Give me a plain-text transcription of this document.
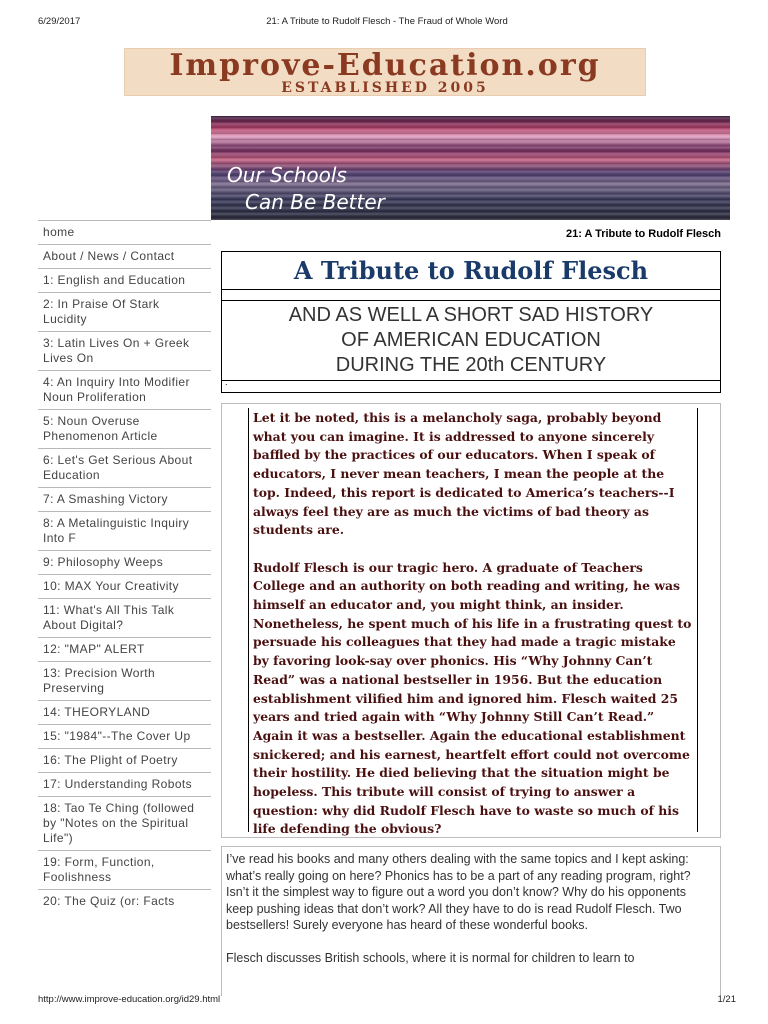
6/29/2017	21: A Tribute to Rudolf Flesch - The Fraud of Whole Word
Improve-Education.org
ESTABLISHED 2005
Our Schools
Can Be Better
home
About / News / Contact
1: English and Education
2: In Praise Of Stark Lucidity
3: Latin Lives On + Greek Lives On
4: An Inquiry Into Modifier Noun Proliferation
5: Noun Overuse Phenomenon Article
6: Let's Get Serious About Education
7: A Smashing Victory
8: A Metalinguistic Inquiry Into F
9: Philosophy Weeps
10: MAX Your Creativity
11: What's All This Talk About Digital?
12: "MAP" ALERT
13: Precision Worth Preserving
14: THEORYLAND
15: "1984"--The Cover Up
16: The Plight of Poetry
17: Understanding Robots
18: Tao Te Ching (followed by "Notes on the Spiritual Life")
19: Form, Function, Foolishness
20: The Quiz (or: Facts
21: A Tribute to Rudolf Flesch
A Tribute to Rudolf Flesch
AND AS WELL A SHORT SAD HISTORY
OF AMERICAN EDUCATION
DURING THE 20th CENTURY
.

Let it be noted, this is a melancholy saga, probably beyond what you can imagine. It is addressed to anyone sincerely baffled by the practices of our educators. When I speak of educators, I never mean teachers, I mean the people at the top. Indeed, this report is dedicated to America’s teachers--I always feel they are as much the victims of bad theory as students are.

Rudolf Flesch is our tragic hero. A graduate of Teachers College and an authority on both reading and writing, he was himself an educator and, you might think, an insider. Nonetheless, he spent much of his life in a frustrating quest to persuade his colleagues that they had made a tragic mistake by favoring look-say over phonics. His “Why Johnny Can’t Read” was a national bestseller in 1956. But the education establishment vilified him and ignored him. Flesch waited 25 years and tried again with “Why Johnny Still Can’t Read.” Again it was a bestseller. Again the educational establishment snickered; and his earnest, heartfelt effort could not overcome their hostility. He died believing that the situation might be hopeless. This tribute will consist of trying to answer a question: why did Rudolf Flesch have to waste so much of his life defending the obvious?

I’ve read his books and many others dealing with the same topics and I kept asking: what’s really going on here? Phonics has to be a part of any reading program, right? Isn’t it the simplest way to figure out a word you don’t know? Why do his opponents keep pushing ideas that don’t work? All they have to do is read Rudolf Flesch. Two bestsellers! Surely everyone has heard of these wonderful books.

Flesch discusses British schools, where it is normal for children to learn to

http://www.improve-education.org/id29.html	1/21
